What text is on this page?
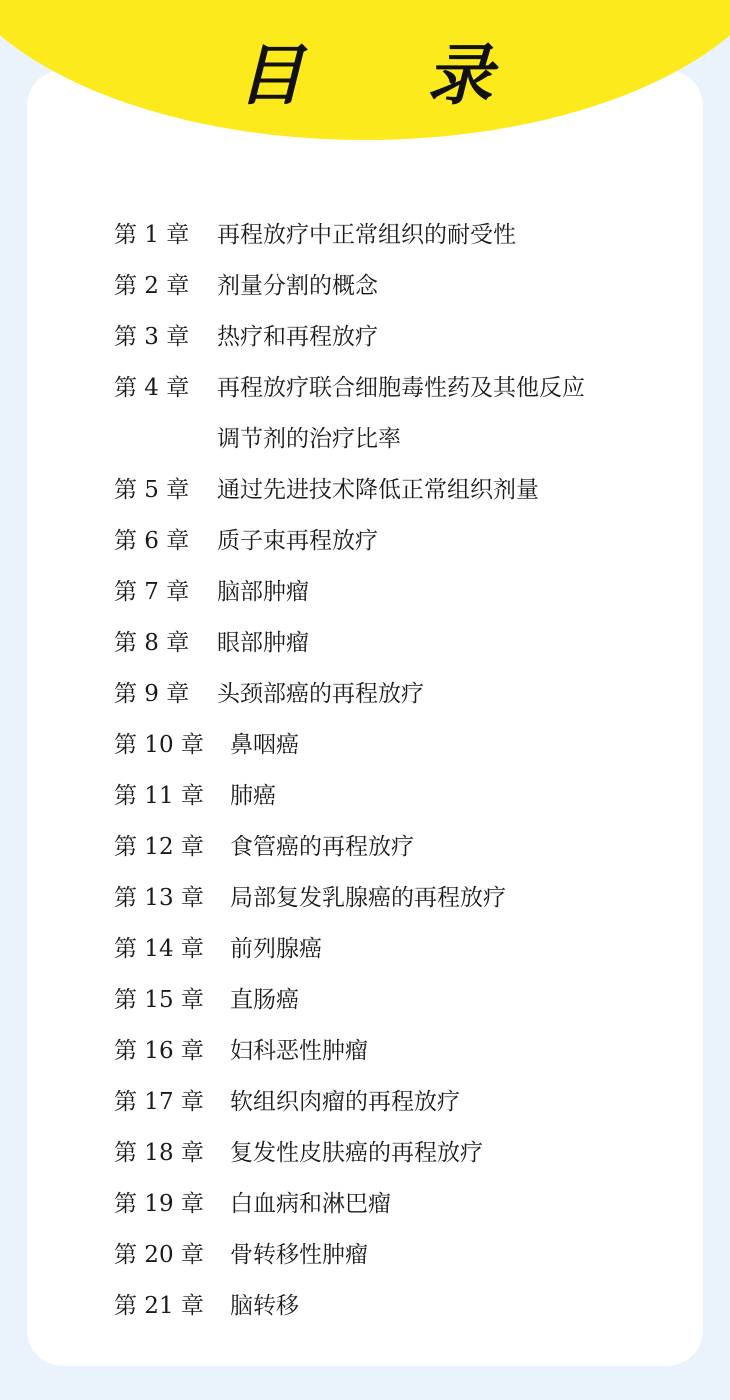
目 录
第 1 章	再程放疗中正常组织的耐受性
第 2 章	剂量分割的概念
第 3 章	热疗和再程放疗
第 4 章	再程放疗联合细胞毒性药及其他反应
调节剂的治疗比率
第 5 章	通过先进技术降低正常组织剂量
第 6 章	质子束再程放疗
第 7 章	脑部肿瘤
第 8 章	眼部肿瘤
第 9 章	头颈部癌的再程放疗
第 10 章	鼻咽癌
第 11 章	肺癌
第 12 章	食管癌的再程放疗
第 13 章	局部复发乳腺癌的再程放疗
第 14 章	前列腺癌
第 15 章	直肠癌
第 16 章	妇科恶性肿瘤
第 17 章	软组织肉瘤的再程放疗
第 18 章	复发性皮肤癌的再程放疗
第 19 章	白血病和淋巴瘤
第 20 章	骨转移性肿瘤
第 21 章	脑转移
